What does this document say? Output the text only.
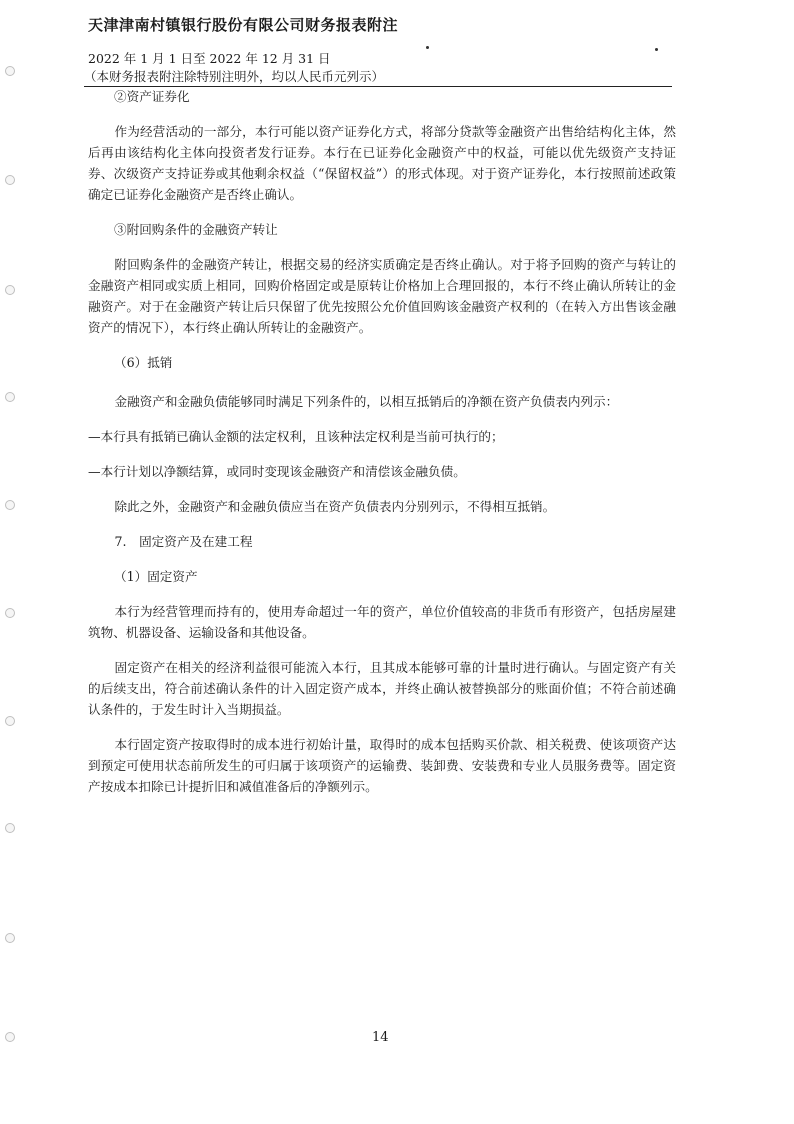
天津津南村镇银行股份有限公司财务报表附注
2022 年 1 月 1 日至 2022 年 12 月 31 日
（本财务报表附注除特别注明外，均以人民币元列示）

②资产证券化

作为经营活动的一部分，本行可能以资产证券化方式，将部分贷款等金融资产出售给结构化主体，然后再由该结构化主体向投资者发行证券。本行在已证券化金融资产中的权益，可能以优先级资产支持证券、次级资产支持证券或其他剩余权益（“保留权益”）的形式体现。对于资产证券化，本行按照前述政策确定已证券化金融资产是否终止确认。

③附回购条件的金融资产转让

附回购条件的金融资产转让，根据交易的经济实质确定是否终止确认。对于将予回购的资产与转让的金融资产相同或实质上相同，回购价格固定或是原转让价格加上合理回报的，本行不终止确认所转让的金融资产。对于在金融资产转让后只保留了优先按照公允价值回购该金融资产权利的（在转入方出售该金融资产的情况下），本行终止确认所转让的金融资产。

（6）抵销

金融资产和金融负债能够同时满足下列条件的，以相互抵销后的净额在资产负债表内列示：

—本行具有抵销已确认金额的法定权利，且该种法定权利是当前可执行的；

—本行计划以净额结算，或同时变现该金融资产和清偿该金融负债。

除此之外，金融资产和金融负债应当在资产负债表内分别列示，不得相互抵销。

7.　固定资产及在建工程

（1）固定资产

本行为经营管理而持有的，使用寿命超过一年的资产，单位价值较高的非货币有形资产，包括房屋建筑物、机器设备、运输设备和其他设备。

固定资产在相关的经济利益很可能流入本行，且其成本能够可靠的计量时进行确认。与固定资产有关的后续支出，符合前述确认条件的计入固定资产成本，并终止确认被替换部分的账面价值；不符合前述确认条件的，于发生时计入当期损益。

本行固定资产按取得时的成本进行初始计量，取得时的成本包括购买价款、相关税费、使该项资产达到预定可使用状态前所发生的可归属于该项资产的运输费、装卸费、安装费和专业人员服务费等。固定资产按成本扣除已计提折旧和减值准备后的净额列示。

14
